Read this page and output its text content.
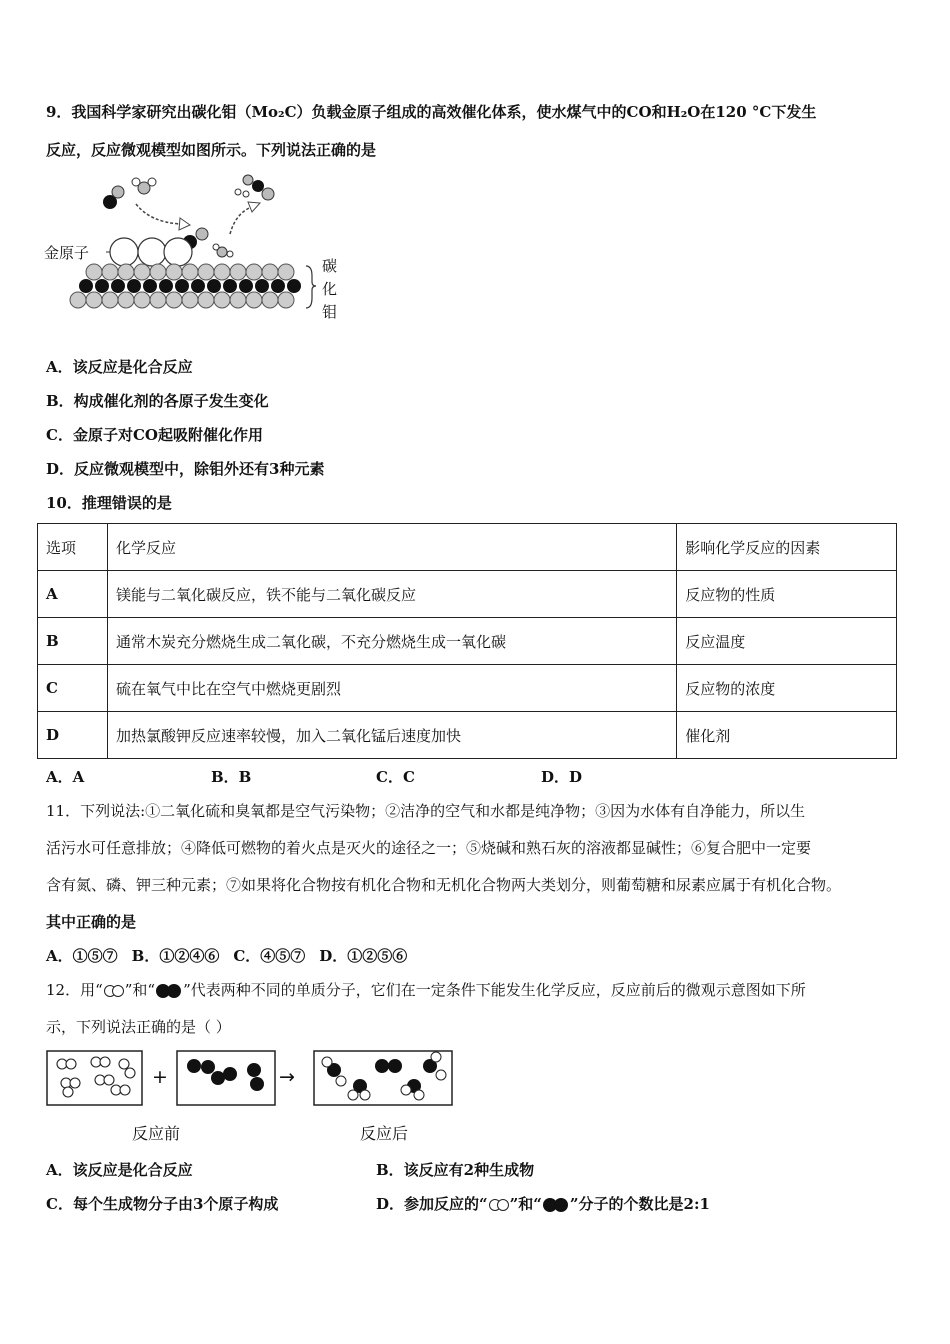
9．我国科学家研究出碳化钼（Mo₂C）负载金原子组成的高效催化体系，使水煤气中的CO和H₂O在120 °C下发生
反应，反应微观模型如图所示。下列说法正确的是
金原子
碳
化
钼
A．该反应是化合反应
B．构成催化剂的各原子发生变化
C．金原子对CO起吸附催化作用
D．反应微观模型中，除钼外还有3种元素
10．推理错误的是
选项	化学反应	影响化学反应的因素
A	镁能与二氧化碳反应，铁不能与二氧化碳反应	反应物的性质
B	通常木炭充分燃烧生成二氧化碳，不充分燃烧生成一氧化碳	反应温度
C	硫在氧气中比在空气中燃烧更剧烈	反应物的浓度
D	加热氯酸钾反应速率较慢，加入二氧化锰后速度加快	催化剂
A．A	B．B	C．C	D．D
11．下列说法:①二氧化硫和臭氧都是空气污染物；②洁净的空气和水都是纯净物；③因为水体有自净能力，所以生
活污水可任意排放；④降低可燃物的着火点是灭火的途径之一；⑤烧碱和熟石灰的溶液都显碱性；⑥复合肥中一定要
含有氮、磷、钾三种元素；⑦如果将化合物按有机化合物和无机化合物两大类划分，则葡萄糖和尿素应属于有机化合物。
其中正确的是
A．①⑤⑦ B．①②④⑥ C．④⑤⑦ D．①②⑤⑥
12．用“ ”和“ ”代表两种不同的单质分子，它们在一定条件下能发生化学反应，反应前后的微观示意图如下所
示，下列说法正确的是（ ）
+	→
反应前	反应后
A．该反应是化合反应	B．该反应有2种生成物
C．每个生成物分子由3个原子构成	D．参加反应的“ ”和“ ”分子的个数比是2:1
